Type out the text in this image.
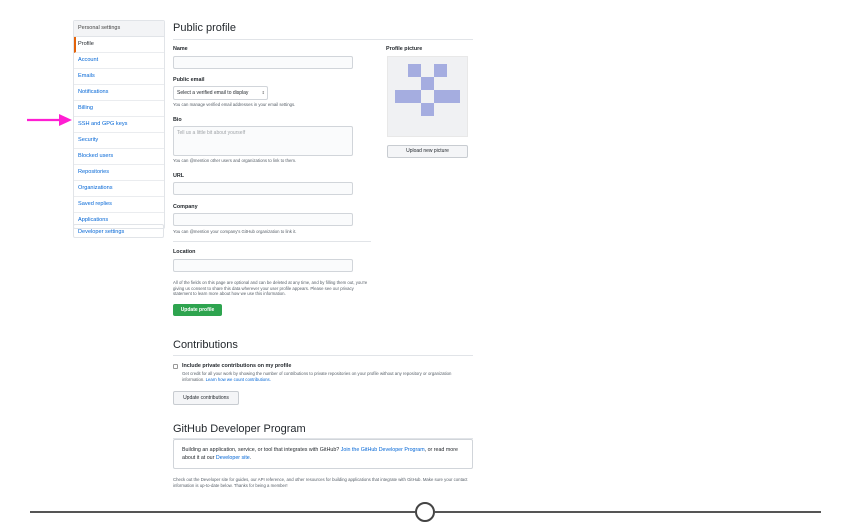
Personal settings
Profile
Account
Emails
Notifications
Billing
SSH and GPG keys
Security
Blocked users
Repositories
Organizations
Saved replies
Applications
Developer settings
Public profile
Name
Public email
Select a verified email to display	⇕
You can manage verified email addresses in your email settings.
Bio
Tell us a little bit about yourself
You can @mention other users and organizations to link to them.
URL
Company
You can @mention your company's GitHub organization to link it.
Location
All of the fields on this page are optional and can be deleted at any time, and by filling them out, you're giving us consent to share this data wherever your user profile appears. Please see our privacy statement to learn more about how we use this information.
Update profile
Profile picture
Upload new picture
Contributions
Include private contributions on my profile
Get credit for all your work by showing the number of contributions to private repositories on your profile without any repository or organization information. Learn how we count contributions.
Update contributions
GitHub Developer Program
Building an application, service, or tool that integrates with GitHub? Join the GitHub Developer Program, or read more about it at our Developer site.
Check out the Developer site for guides, our API reference, and other resources for building applications that integrate with GitHub. Make sure your contact information is up-to-date below. Thanks for being a member!
